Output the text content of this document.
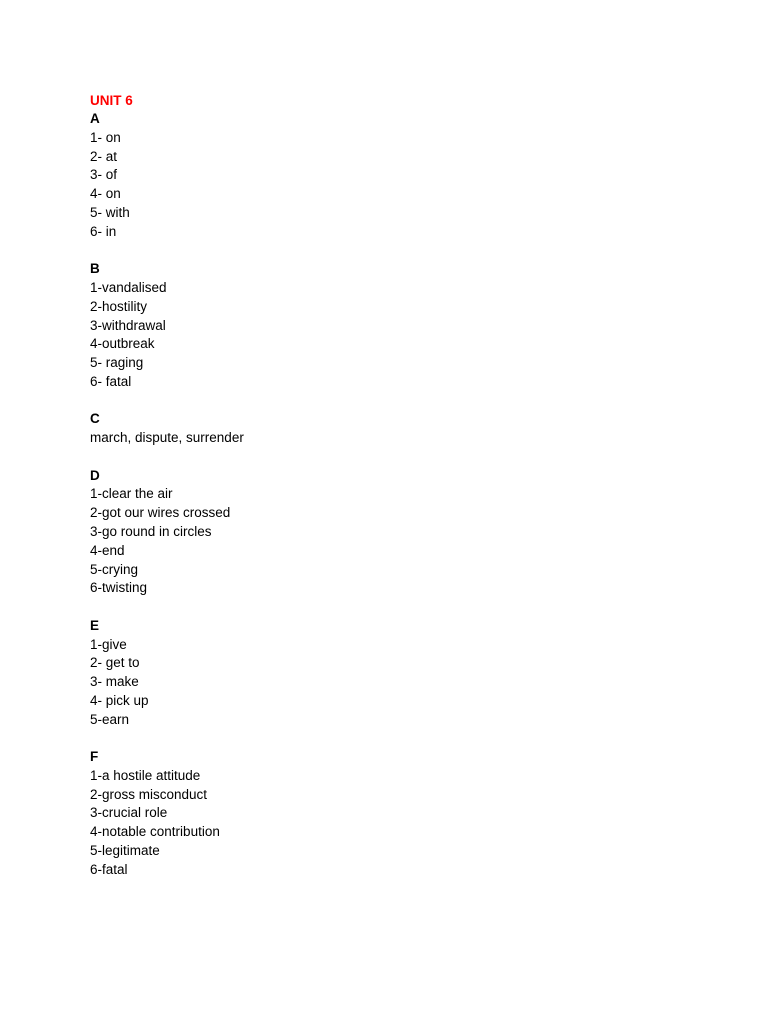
UNIT 6
A
1- on
2- at
3- of
4- on
5- with
6- in
B
1-vandalised
2-hostility
3-withdrawal
4-outbreak
5- raging
6- fatal
C
march, dispute, surrender
D
1-clear the air
2-got our wires crossed
3-go round in circles
4-end
5-crying
6-twisting
E
1-give
2- get to
3- make
4- pick up
5-earn
F
1-a hostile attitude
2-gross misconduct
3-crucial role
4-notable contribution
5-legitimate
6-fatal
